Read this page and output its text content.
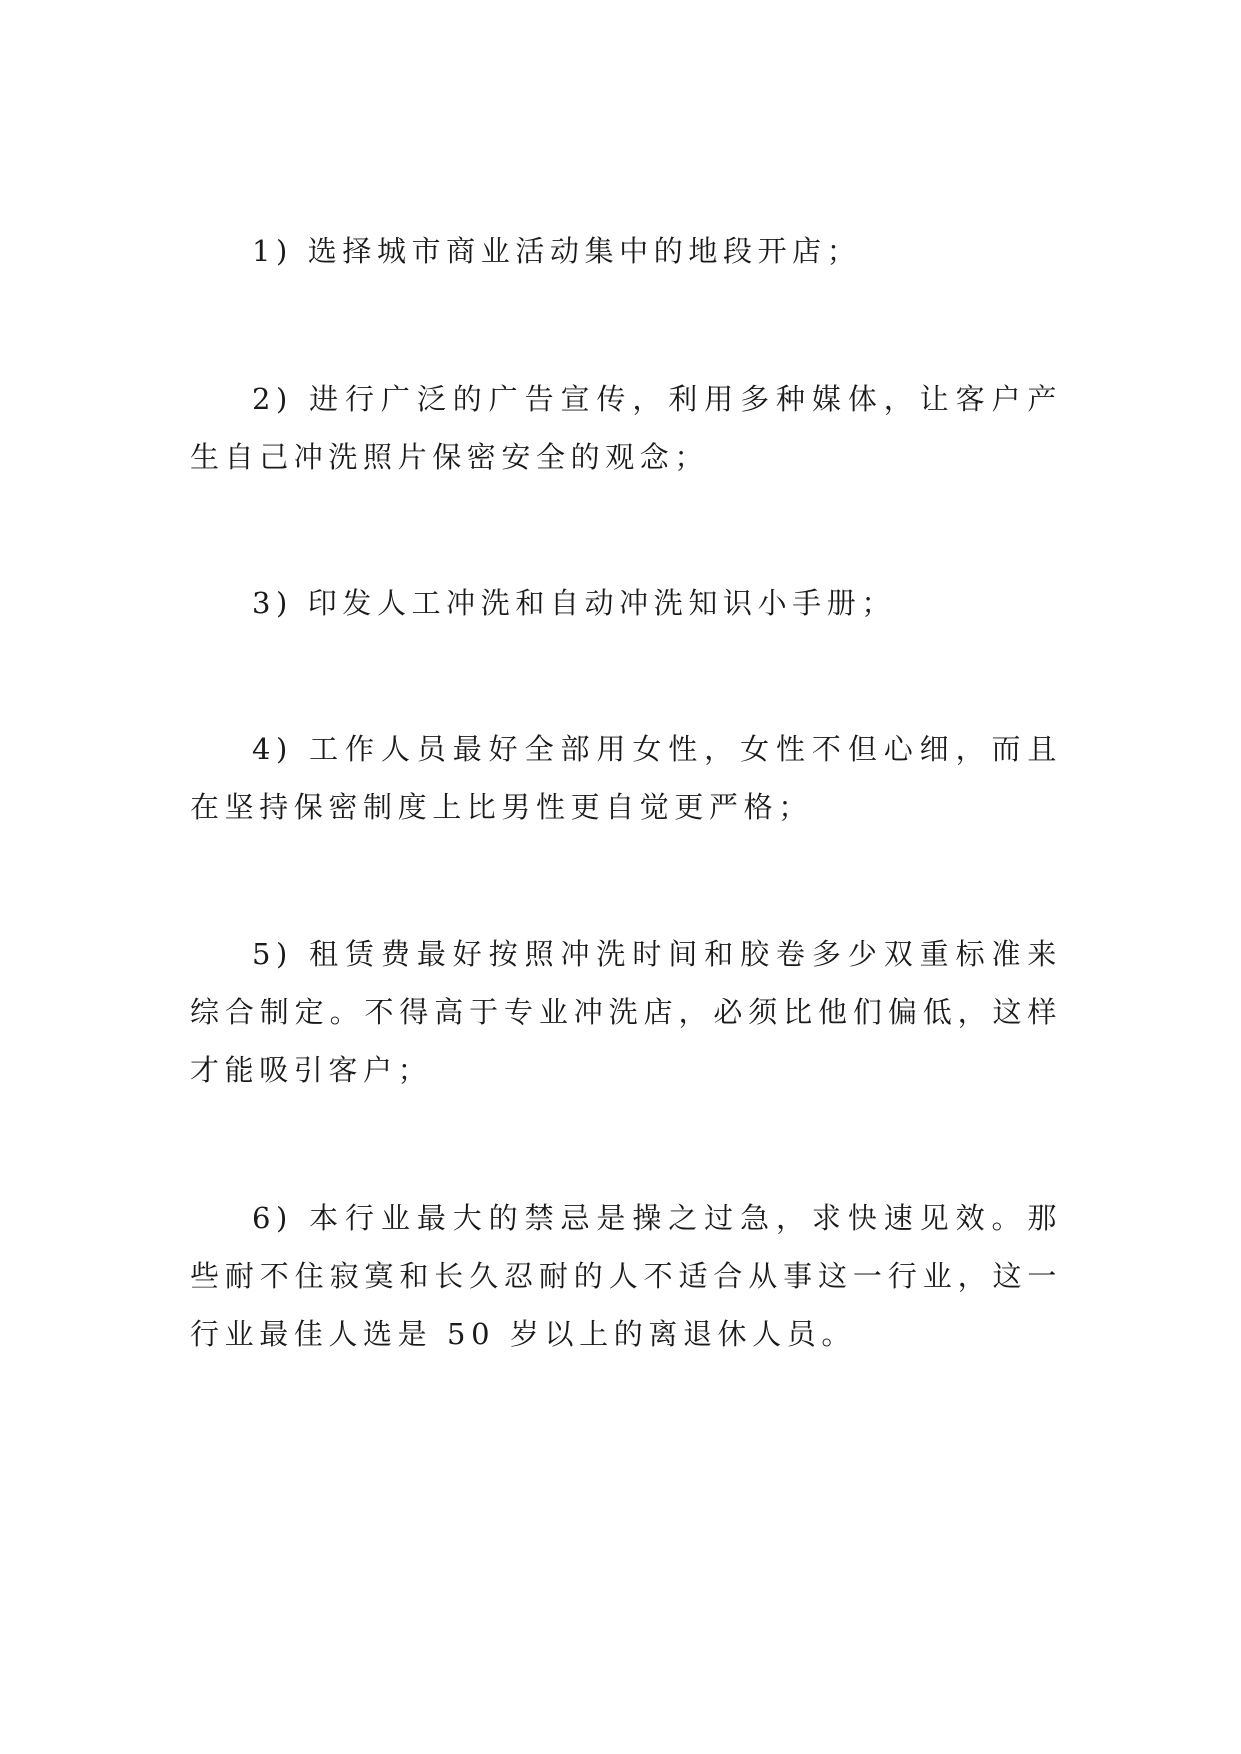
1) 选择城市商业活动集中的地段开店；

2) 进行广泛的广告宣传，利用多种媒体，让客户产生自己冲洗照片保密安全的观念；

3) 印发人工冲洗和自动冲洗知识小手册；

4) 工作人员最好全部用女性，女性不但心细，而且在坚持保密制度上比男性更自觉更严格；

5) 租赁费最好按照冲洗时间和胶卷多少双重标准来综合制定。不得高于专业冲洗店，必须比他们偏低，这样才能吸引客户；

6) 本行业最大的禁忌是操之过急，求快速见效。那些耐不住寂寞和长久忍耐的人不适合从事这一行业，这一行业最佳人选是 50 岁以上的离退休人员。
